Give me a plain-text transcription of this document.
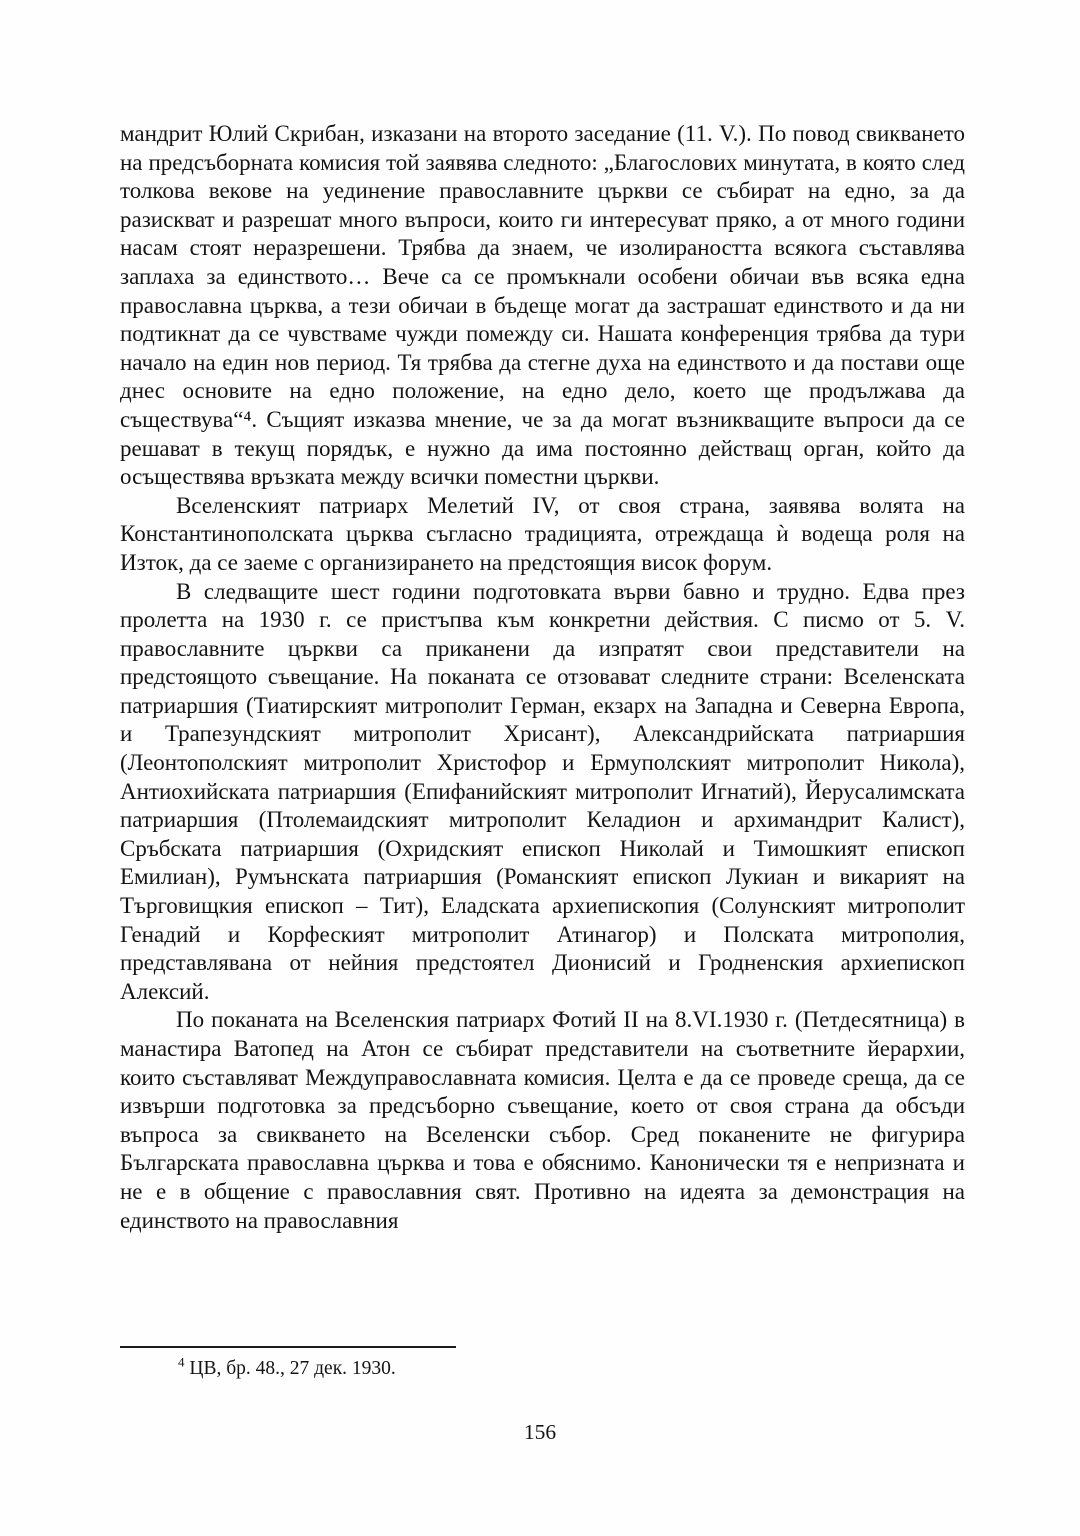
мандрит Юлий Скрибан, изказани на второто заседание (11. V.). По повод свикването на предсъборната комисия той заявява следното: „Благослових минутата, в която след толкова векове на уединение православните църкви се събират на едно, за да разискват и разрешат много въпроси, които ги интересуват пряко, а от много години насам стоят неразрешени. Трябва да знаем, че изолираността всякога съставлява заплаха за единството… Вече са се промъкнали особени обичаи във всяка една православна църква, а тези обичаи в бъдеще могат да застрашат единството и да ни подтикнат да се чувстваме чужди помежду си. Нашата конференция трябва да тури начало на един нов период. Тя трябва да стегне духа на единството и да постави още днес основите на едно положение, на едно дело, което ще продължава да съществува“⁴. Същият изказва мнение, че за да могат възникващите въпроси да се решават в текущ порядък, е нужно да има постоянно действащ орган, който да осъществява връзката между всички поместни църкви.

Вселенският патриарх Мелетий IV, от своя страна, заявява волята на Константинополската църква съгласно традицията, отреждаща ѝ водеща роля на Изток, да се заеме с организирането на предстоящия висок форум.

В следващите шест години подготовката върви бавно и трудно. Едва през пролетта на 1930 г. се пристъпва към конкретни действия. С писмо от 5. V. православните църкви са приканени да изпратят свои представители на предстоящото съвещание. На поканата се отзовават следните страни: Вселенската патриаршия (Тиатирският митрополит Герман, екзарх на Западна и Северна Европа, и Трапезундският митрополит Хрисант), Александрийската патриаршия (Леонтополският митрополит Христофор и Ермуполският митрополит Никола), Антиохийската патриаршия (Епифанийският митрополит Игнатий), Йерусалимската патриаршия (Птолемаидският митрополит Келадион и архимандрит Калист), Сръбската патриаршия (Охридският епископ Николай и Тимошкият епископ Емилиан), Румънската патриаршия (Романският епископ Лукиан и викарият на Търговищкия епископ – Тит), Еладската архиепископия (Солунският митрополит Генадий и Корфеският митрополит Атинагор) и Полската митрополия, представлявана от нейния предстоятел Дионисий и Гродненския архиепископ Алексий.

По поканата на Вселенския патриарх Фотий II на 8.VI.1930 г. (Петдесятница) в манастира Ватопед на Атон се събират представители на съответните йерархии, които съставляват Междуправославната комисия. Целта е да се проведе среща, да се извърши подготовка за предсъборно съвещание, което от своя страна да обсъди въпроса за свикването на Вселенски събор. Сред поканените не фигурира Българската православна църква и това е обяснимо. Канонически тя е непризната и не е в общение с православния свят. Противно на идеята за демонстрация на единството на православния

$^4$ ЦВ, бр. 48., 27 дек. 1930.
156
